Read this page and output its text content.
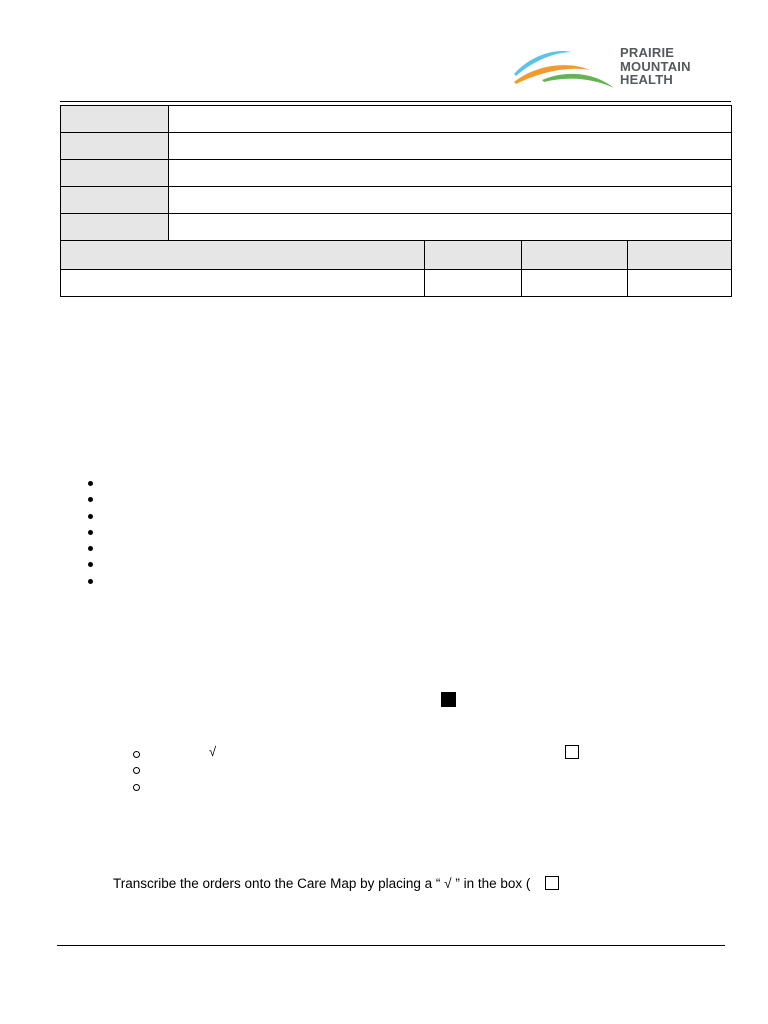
PRAIRIE
MOUNTAIN
HEALTH

√
Transcribe the orders onto the Care Map by placing a “ √ ” in the box (
